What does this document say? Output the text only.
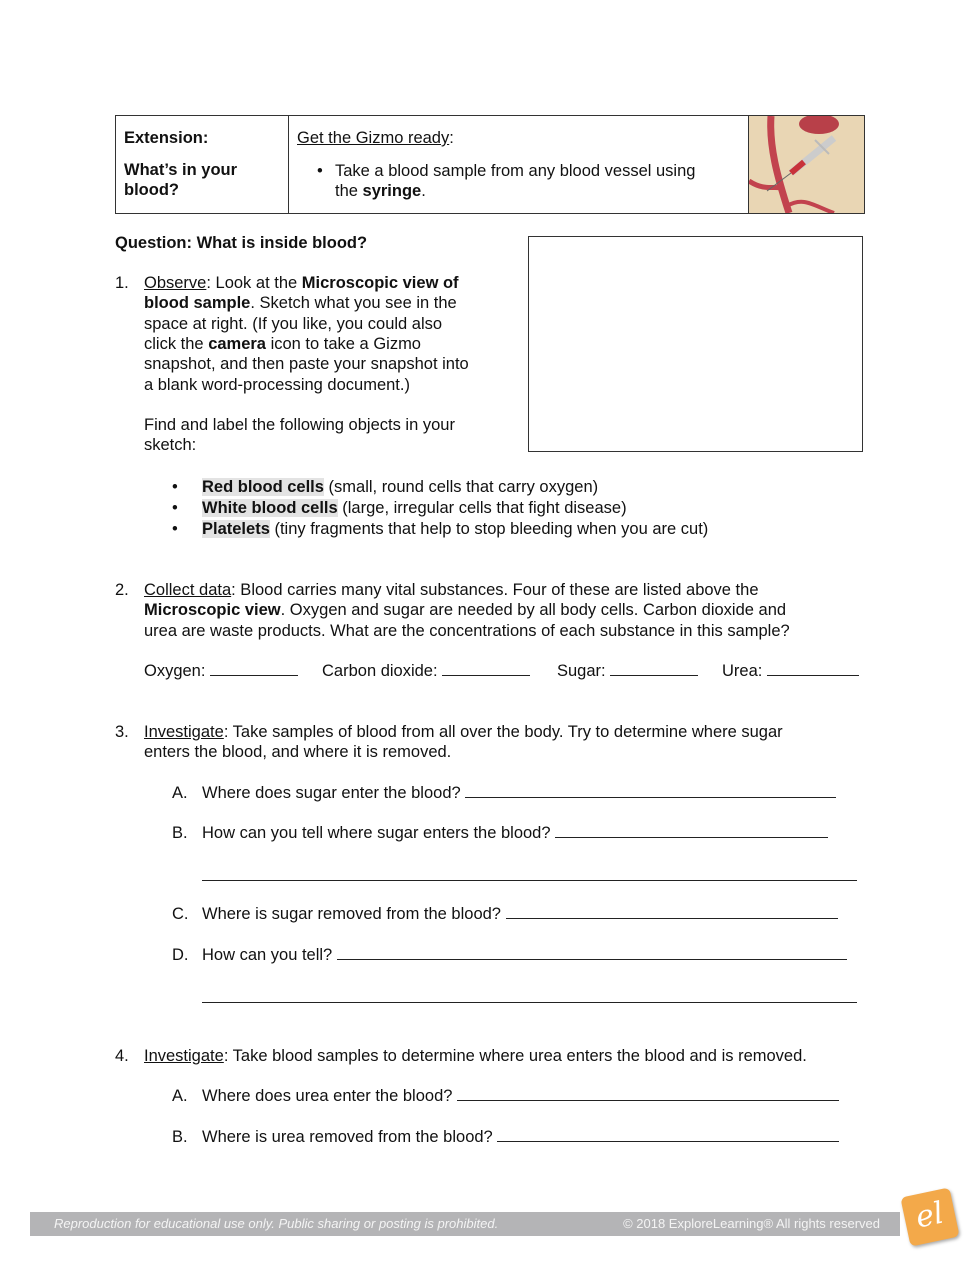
Extension:
What’s in your blood?
Get the Gizmo ready:
• Take a blood sample from any blood vessel using
the syringe.
Question: What is inside blood?
1. Observe: Look at the Microscopic view of
blood sample. Sketch what you see in the
space at right. (If you like, you could also
click the camera icon to take a Gizmo
snapshot, and then paste your snapshot into
a blank word-processing document.)
Find and label the following objects in your
sketch:
• Red blood cells (small, round cells that carry oxygen)
• White blood cells (large, irregular cells that fight disease)
• Platelets (tiny fragments that help to stop bleeding when you are cut)
2. Collect data: Blood carries many vital substances. Four of these are listed above the
Microscopic view. Oxygen and sugar are needed by all body cells. Carbon dioxide and
urea are waste products. What are the concentrations of each substance in this sample?
Oxygen:	Carbon dioxide:	Sugar:	Urea:
3. Investigate: Take samples of blood from all over the body. Try to determine where sugar
enters the blood, and where it is removed.
A. Where does sugar enter the blood?
B. How can you tell where sugar enters the blood?
C. Where is sugar removed from the blood?
D. How can you tell?
4. Investigate: Take blood samples to determine where urea enters the blood and is removed.
A. Where does urea enter the blood?
B. Where is urea removed from the blood?
Reproduction for educational use only. Public sharing or posting is prohibited.	© 2018 ExploreLearning® All rights reserved	el
